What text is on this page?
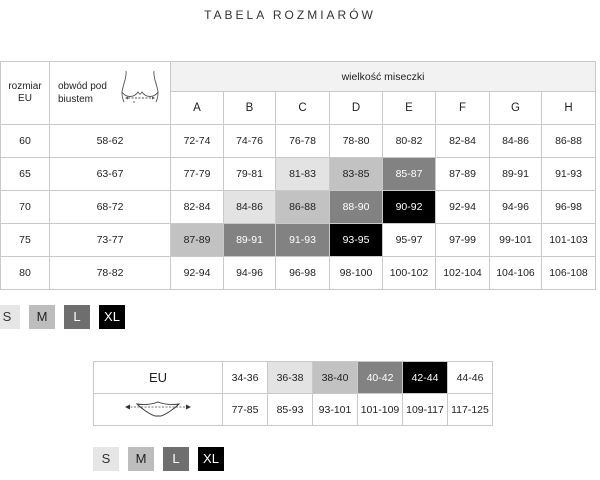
TABELA ROZMIARÓW
rozmiar EU	obwód pod biustem	wielkość miseczki							
		A	B	C	D	E	F	G	H
60	58-62	72-74	74-76	76-78	78-80	80-82	82-84	84-86	86-88
65	63-67	77-79	79-81	81-83	83-85	85-87	87-89	89-91	91-93
70	68-72	82-84	84-86	86-88	88-90	90-92	92-94	94-96	96-98
75	73-77	87-89	89-91	91-93	93-95	95-97	97-99	99-101	101-103
80	78-82	92-94	94-96	96-98	98-100	100-102	102-104	104-106	106-108
S	M	L	XL
EU	34-36	36-38	38-40	40-42	42-44	44-46
	77-85	85-93	93-101	101-109	109-117	117-125
S	M	L	XL
